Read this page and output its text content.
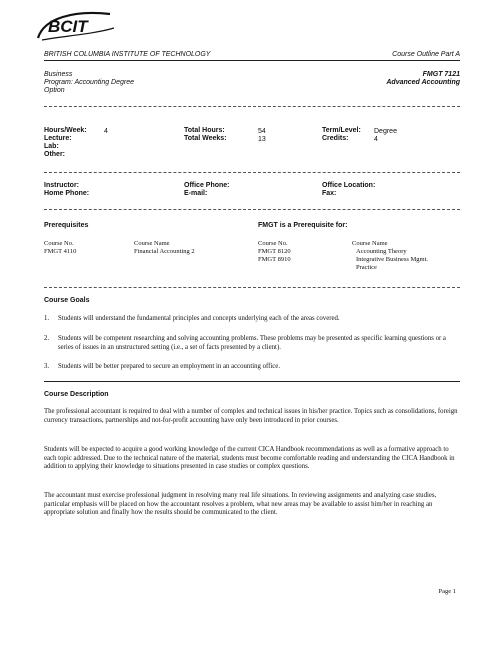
BCIT
BRITISH COLUMBIA INSTITUTE OF TECHNOLOGY	Course Outline Part A
Business
Program: Accounting Degree
Option
FMGT 7121
Advanced Accounting
Hours/Week: 4
Lecture:
Lab:
Other:
Total Hours:	54
Total Weeks:	13
Term/Level: Degree
Credits:	4
Instructor:
Home Phone:
Office Phone:
E-mail:
Office Location:
Fax:
Prerequisites	FMGT is a Prerequisite for:
Course No.	Course Name
FMGT 4110	Financial Accounting 2
Course No.	Course Name
FMGT 8120	Accounting Theory
FMGT 8910	Integrative Business Mgmt.
Practice
Course Goals
1. Students will understand the fundamental principles and concepts underlying each of the areas covered.
2. Students will be competent researching and solving accounting problems. These problems may be presented as specific learning questions or a series of issues in an unstructured setting (i.e., a set of facts presented by a client).
3. Students will be better prepared to secure an employment in an accounting office.
Course Description
The professional accountant is required to deal with a number of complex and technical issues in his/her practice. Topics such as consolidations, foreign currency transactions, partnerships and not-for-profit accounting have only been introduced in prior courses.
Students will be expected to acquire a good working knowledge of the current CICA Handbook recommendations as well as a formative approach to each topic addressed. Due to the technical nature of the material, students must become comfortable reading and understanding the CICA Handbook in addition to applying their knowledge to situations presented in case studies or complex questions.
The accountant must exercise professional judgment in resolving many real life situations. In reviewing assignments and analyzing case studies, particular emphasis will be placed on how the accountant resolves a problem, what new areas may be available to assist him/her in reaching an appropriate solution and finally how the results should be communicated to the client.
Page 1
